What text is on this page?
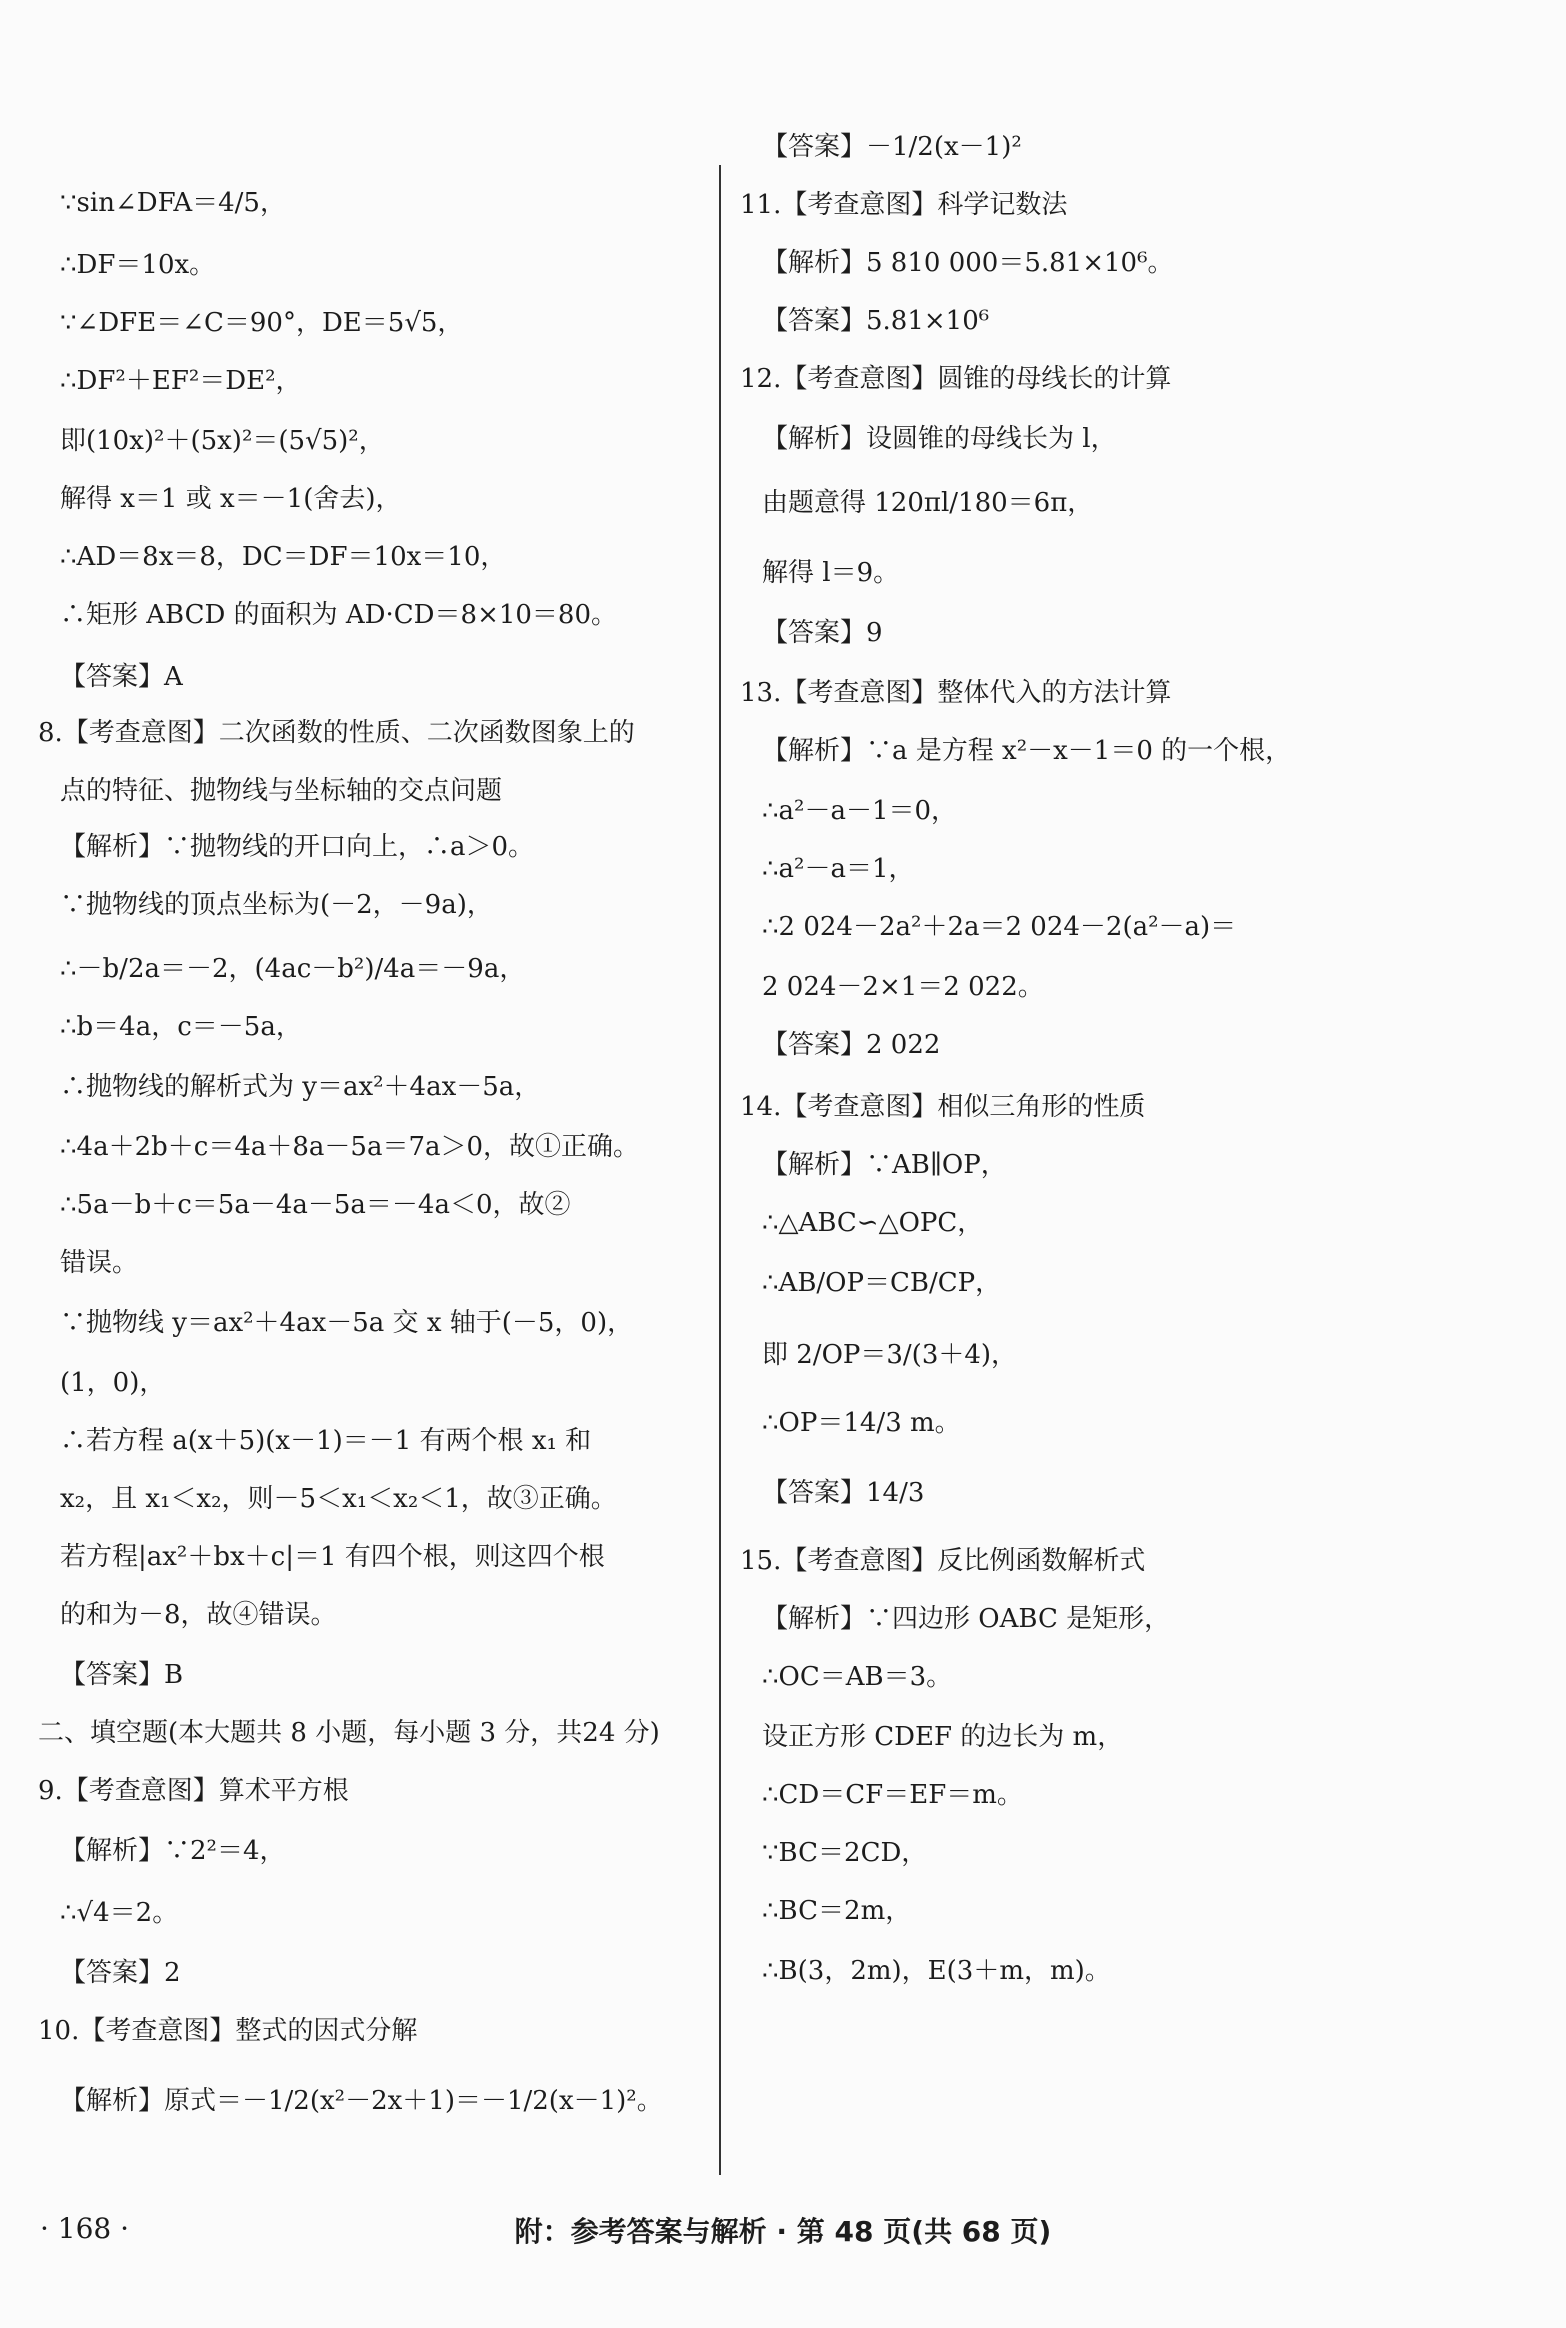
∵sin∠DFA＝4/5，
∴DF＝10x。
∵∠DFE＝∠C＝90°，DE＝5√5，
∴DF²＋EF²＝DE²，
即(10x)²＋(5x)²＝(5√5)²，
解得 x＝1 或 x＝－1(舍去)，
∴AD＝8x＝8，DC＝DF＝10x＝10，
∴矩形 ABCD 的面积为 AD·CD＝8×10＝80。
【答案】A
8.【考查意图】二次函数的性质、二次函数图象上的
点的特征、抛物线与坐标轴的交点问题
【解析】∵抛物线的开口向上，∴a＞0。
∵抛物线的顶点坐标为(－2，－9a)，
∴－b/2a＝－2，(4ac－b²)/4a＝－9a，
∴b＝4a，c＝－5a，
∴抛物线的解析式为 y＝ax²＋4ax－5a，
∴4a＋2b＋c＝4a＋8a－5a＝7a＞0，故①正确。
∴5a－b＋c＝5a－4a－5a＝－4a＜0，故②
错误。
∵抛物线 y＝ax²＋4ax－5a 交 x 轴于(－5，0)，
(1，0)，
∴若方程 a(x＋5)(x－1)＝－1 有两个根 x₁ 和
x₂，且 x₁＜x₂，则－5＜x₁＜x₂＜1，故③正确。
若方程|ax²＋bx＋c|＝1 有四个根，则这四个根
的和为－8，故④错误。
【答案】B
二、填空题(本大题共 8 小题，每小题 3 分，共24 分)
9.【考查意图】算术平方根
【解析】∵2²＝4，
∴√4＝2。
【答案】2
10.【考查意图】整式的因式分解
【解析】原式＝－1/2(x²－2x＋1)＝－1/2(x－1)²。
【答案】－1/2(x－1)²
11.【考查意图】科学记数法
【解析】5 810 000＝5.81×10⁶。
【答案】5.81×10⁶
12.【考查意图】圆锥的母线长的计算
【解析】设圆锥的母线长为 l，
由题意得 120πl/180＝6π，
解得 l＝9。
【答案】9
13.【考查意图】整体代入的方法计算
【解析】∵a 是方程 x²－x－1＝0 的一个根，
∴a²－a－1＝0，
∴a²－a＝1，
∴2 024－2a²＋2a＝2 024－2(a²－a)＝
2 024－2×1＝2 022。
【答案】2 022
14.【考查意图】相似三角形的性质
【解析】∵AB∥OP，
∴△ABC∽△OPC，
∴AB/OP＝CB/CP，
即 2/OP＝3/(3＋4)，
∴OP＝14/3 m。
【答案】14/3
15.【考查意图】反比例函数解析式
【解析】∵四边形 OABC 是矩形，
∴OC＝AB＝3。
设正方形 CDEF 的边长为 m，
∴CD＝CF＝EF＝m。
∵BC＝2CD，
∴BC＝2m，
∴B(3，2m)，E(3＋m，m)。
· 168 ·	附：参考答案与解析 · 第 48 页(共 68 页)
